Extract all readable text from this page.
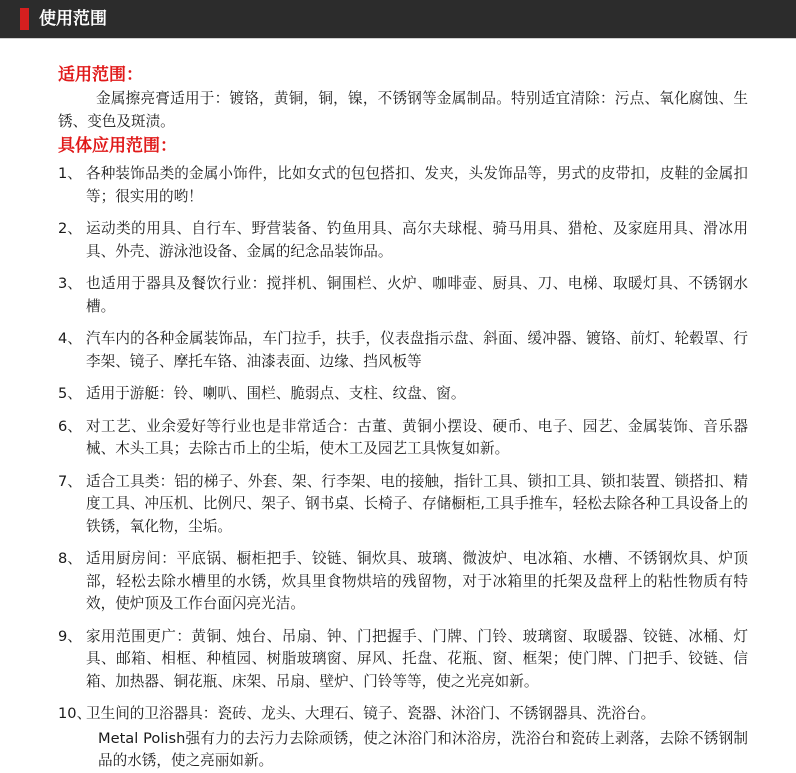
使用范围

适用范围：

金属擦亮膏适用于：镀铬，黄铜，铜，镍，不锈钢等金属制品。特别适宜清除：污点、氧化腐蚀、生锈、变色及斑渍。

具体应用范围：

1、 各种装饰品类的金属小饰件，比如女式的包包搭扣、发夹，头发饰品等，男式的皮带扣，皮鞋的金属扣等；很实用的哟！
2、 运动类的用具、自行车、野营装备、钓鱼用具、高尔夫球棍、骑马用具、猎枪、及家庭用具、滑冰用具、外壳、游泳池设备、金属的纪念品装饰品。
3、 也适用于器具及餐饮行业：搅拌机、铜围栏、火炉、咖啡壶、厨具、刀、电梯、取暖灯具、不锈钢水槽。
4、 汽车内的各种金属装饰品，车门拉手，扶手，仪表盘指示盘、斜面、缓冲器、镀铬、前灯、轮毂罩、行李架、镜子、摩托车铬、油漆表面、边缘、挡风板等
5、 适用于游艇：铃、喇叭、围栏、脆弱点、支柱、纹盘、窗。
6、 对工艺、业余爱好等行业也是非常适合：古董、黄铜小摆设、硬币、电子、园艺、金属装饰、音乐器械、木头工具；去除古币上的尘垢，使木工及园艺工具恢复如新。
7、 适合工具类：铝的梯子、外套、架、行李架、电的接触，指针工具、锁扣工具、锁扣装置、锁搭扣、精度工具、冲压机、比例尺、架子、钢书桌、长椅子、存储橱柜,工具手推车，轻松去除各种工具设备上的铁锈，氧化物，尘垢。
8、 适用厨房间：平底锅、橱柜把手、铰链、铜炊具、玻璃、微波炉、电冰箱、水槽、不锈钢炊具、炉顶部，轻松去除水槽里的水锈，炊具里食物烘培的残留物，对于冰箱里的托架及盘秤上的粘性物质有特效，使炉顶及工作台面闪亮光洁。
9、 家用范围更广：黄铜、烛台、吊扇、钟、门把握手、门牌、门铃、玻璃窗、取暖器、铰链、冰桶、灯具、邮箱、相框、种植园、树脂玻璃窗、屏风、托盘、花瓶、窗、框架；使门牌、门把手、铰链、信箱、加热器、铜花瓶、床架、吊扇、壁炉、门铃等等，使之光亮如新。
10、
卫生间的卫浴器具：瓷砖、龙头、大理石、镜子、瓷器、沐浴门、不锈钢器具、洗浴台。

Metal Polish强有力的去污力去除顽锈，使之沐浴门和沐浴房，洗浴台和瓷砖上剥落，去除不锈钢制品的水锈，使之亮丽如新。
